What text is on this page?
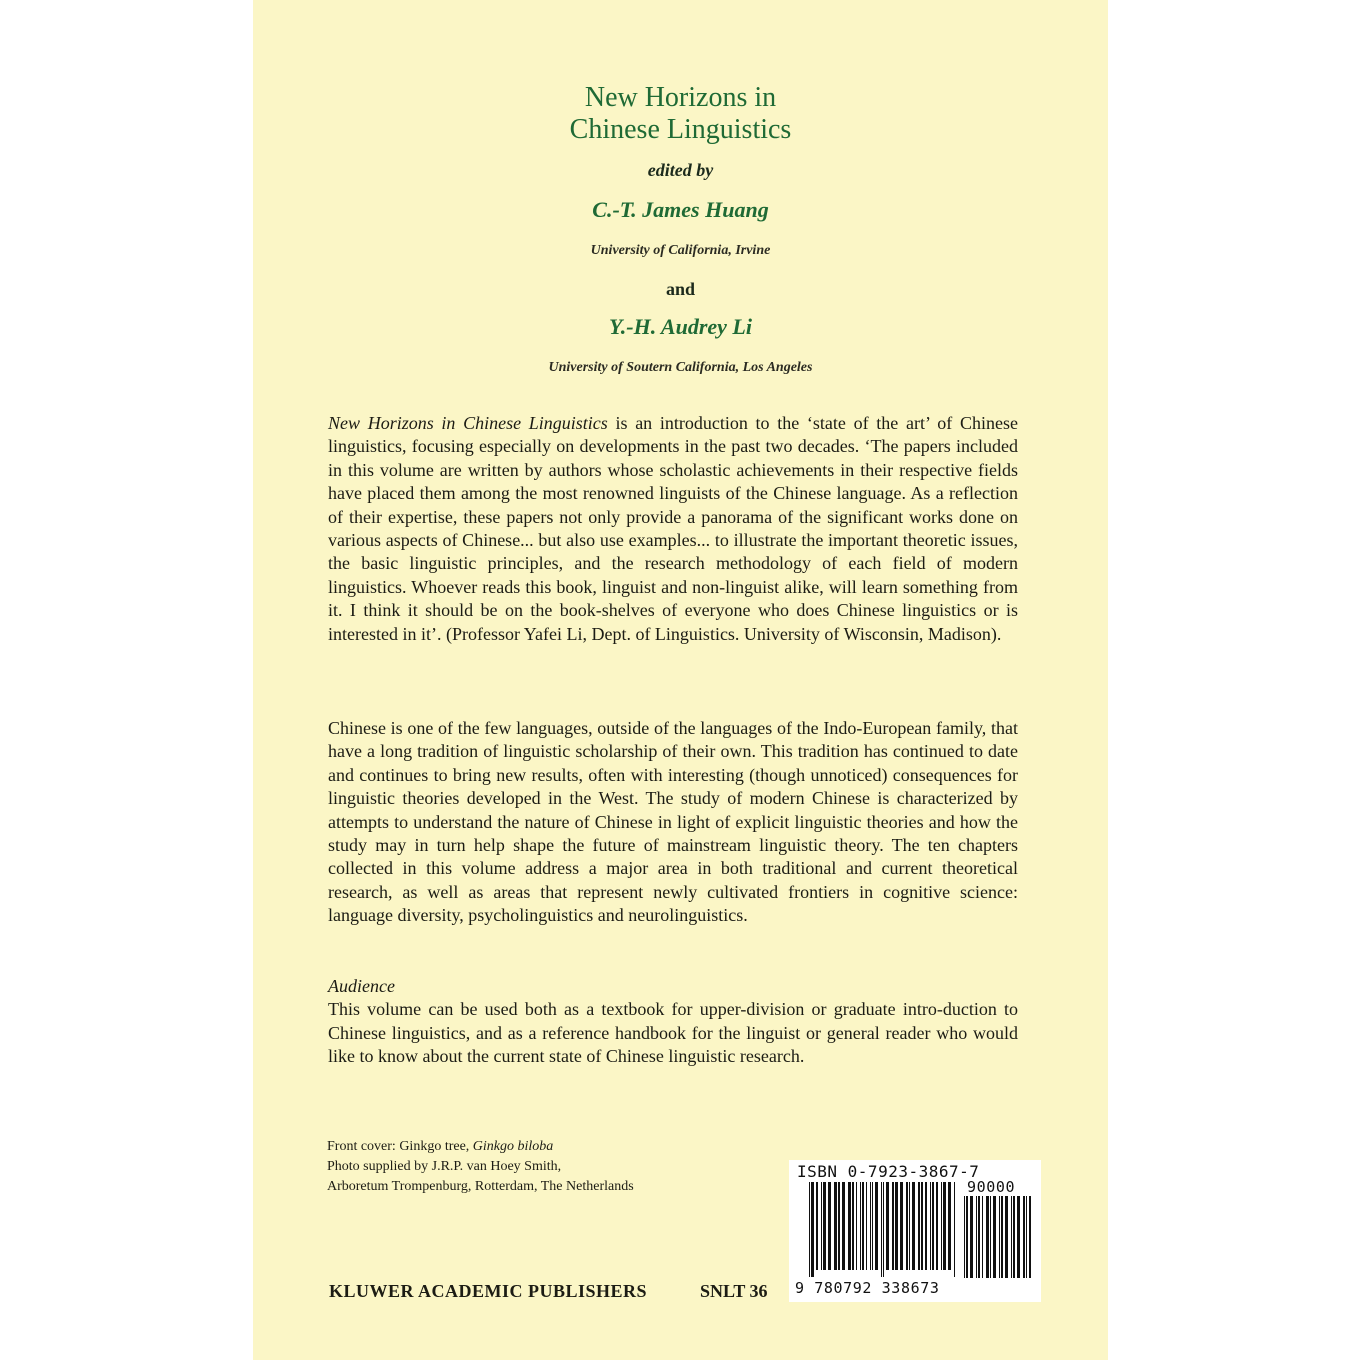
New Horizons in
Chinese Linguistics
edited by
C.-T. James Huang
University of California, Irvine
and
Y.-H. Audrey Li
University of Soutern California, Los Angeles
New Horizons in Chinese Linguistics is an introduction to the ‘state of the art’ of Chinese linguistics, focusing especially on developments in the past two decades. ‘The papers included in this volume are written by authors whose scholastic achievements in their respective fields have placed them among the most renowned linguists of the Chinese language. As a reflection of their expertise, these papers not only provide a panorama of the significant works done on various aspects of Chinese... but also use examples... to illustrate the important theoretic issues, the basic linguistic principles, and the research methodology of each field of modern linguistics. Whoever reads this book, linguist and non-linguist alike, will learn something from it. I think it should be on the book-shelves of everyone who does Chinese linguistics or is interested in it’. (Professor Yafei Li, Dept. of Linguistics. University of Wisconsin, Madison).
Chinese is one of the few languages, outside of the languages of the Indo-European family, that have a long tradition of linguistic scholarship of their own. This tradition has continued to date and continues to bring new results, often with interesting (though unnoticed) consequences for linguistic theories developed in the West. The study of modern Chinese is characterized by attempts to understand the nature of Chinese in light of explicit linguistic theories and how the study may in turn help shape the future of mainstream linguistic theory. The ten chapters collected in this volume address a major area in both traditional and current theoretical research, as well as areas that represent newly cultivated frontiers in cognitive science: language diversity, psycholinguistics and neurolinguistics.
Audience
This volume can be used both as a textbook for upper-division or graduate intro-duction to Chinese linguistics, and as a reference handbook for the linguist or general reader who would like to know about the current state of Chinese linguistic research.
Front cover: Ginkgo tree, Ginkgo biloba
Photo supplied by J.R.P. van Hoey Smith,
Arboretum Trompenburg, Rotterdam, The Netherlands
ISBN 0-7923-3867-7
90000
9 780792 338673
KLUWER ACADEMIC PUBLISHERS	SNLT 36
